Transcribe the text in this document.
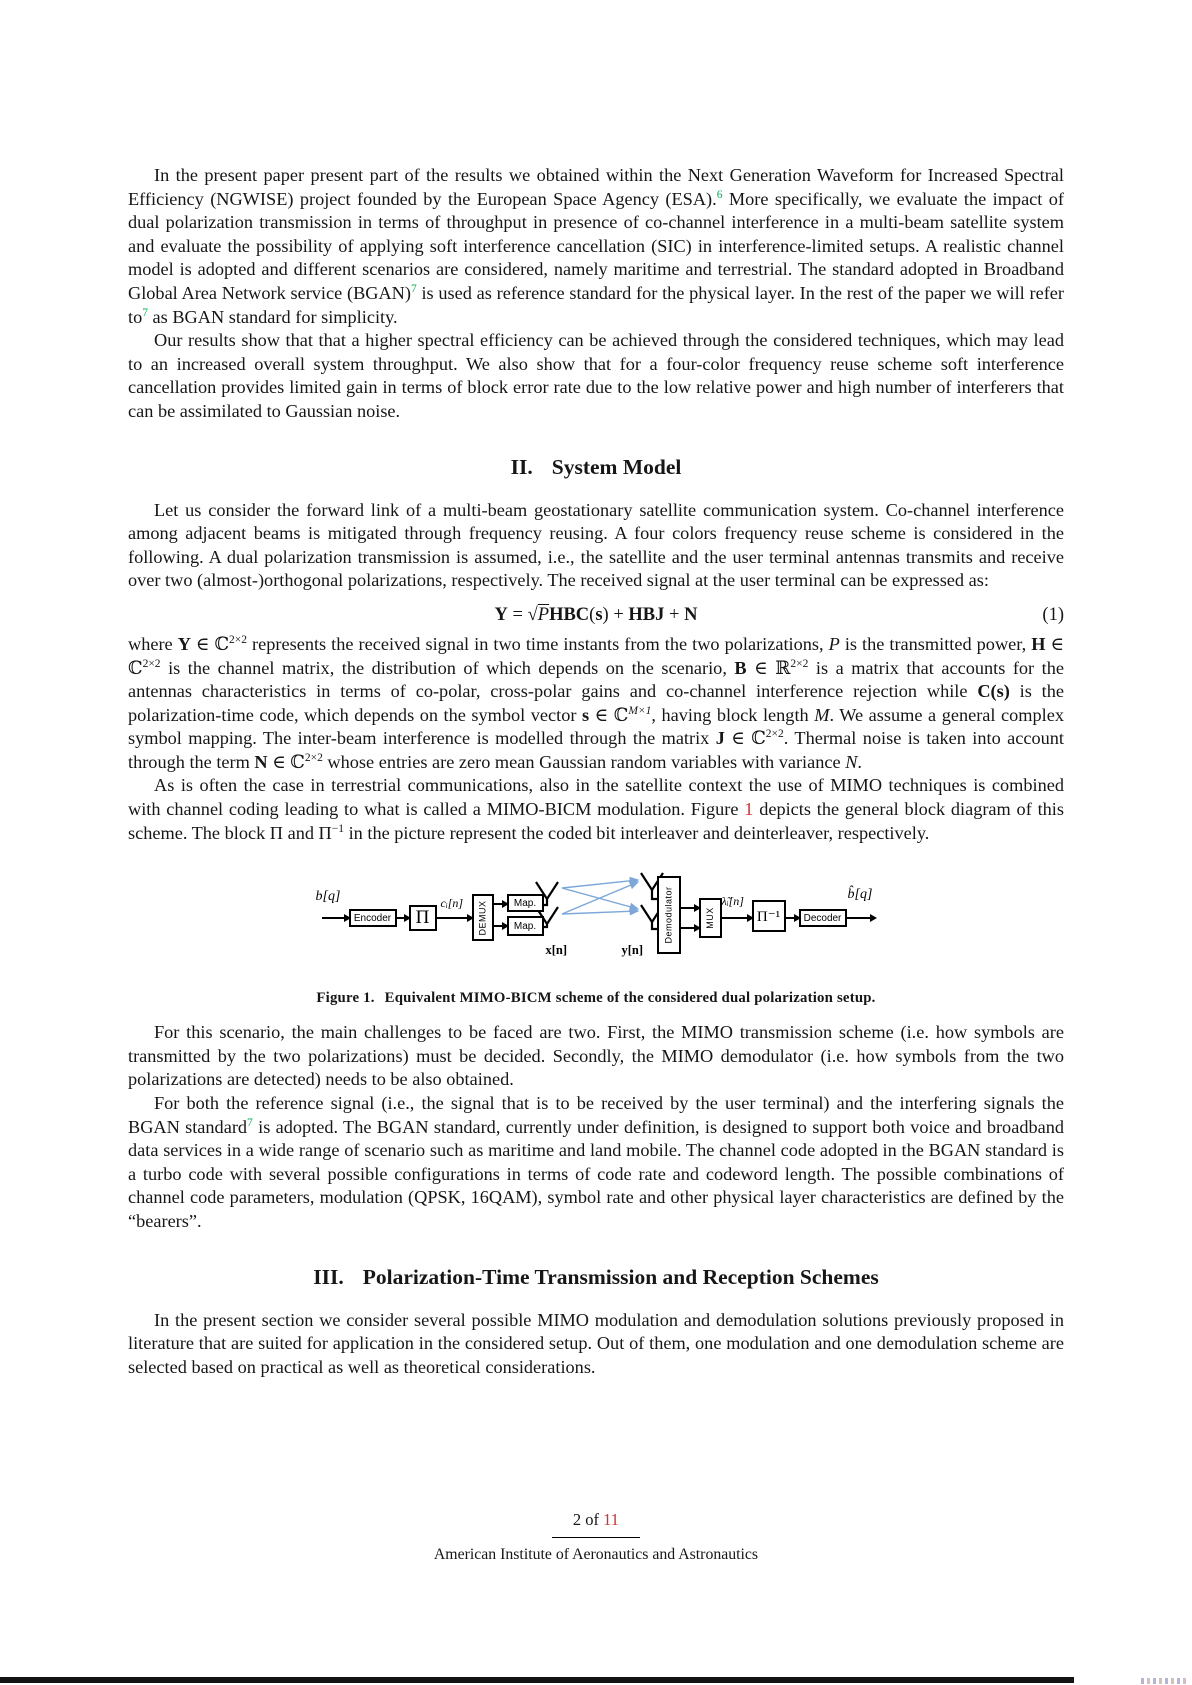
In the present paper present part of the results we obtained within the Next Generation Waveform for Increased Spectral Efficiency (NGWISE) project founded by the European Space Agency (ESA).$^6$ More specifically, we evaluate the impact of dual polarization transmission in terms of throughput in presence of co-channel interference in a multi-beam satellite system and evaluate the possibility of applying soft interference cancellation (SIC) in interference-limited setups. A realistic channel model is adopted and different scenarios are considered, namely maritime and terrestrial. The standard adopted in Broadband Global Area Network service (BGAN)$^7$ is used as reference standard for the physical layer. In the rest of the paper we will refer to$^7$ as BGAN standard for simplicity.

Our results show that that a higher spectral efficiency can be achieved through the considered techniques, which may lead to an increased overall system throughput. We also show that for a four-color frequency reuse scheme soft interference cancellation provides limited gain in terms of block error rate due to the low relative power and high number of interferers that can be assimilated to Gaussian noise.

II. System Model

Let us consider the forward link of a multi-beam geostationary satellite communication system. Co-channel interference among adjacent beams is mitigated through frequency reusing. A four colors frequency reuse scheme is considered in the following. A dual polarization transmission is assumed, i.e., the satellite and the user terminal antennas transmits and receive over two (almost-)orthogonal polarizations, respectively. The received signal at the user terminal can be expressed as:

Y = √PHBC(s) + HBJ + N	(1)

where Y ∈ ℂ$^{2\times 2}$ represents the received signal in two time instants from the two polarizations, P is the transmitted power, H ∈ ℂ$^{2\times 2}$ is the channel matrix, the distribution of which depends on the scenario, B ∈ ℝ$^{2\times 2}$ is a matrix that accounts for the antennas characteristics in terms of co-polar, cross-polar gains and co-channel interference rejection while C(s) is the polarization-time code, which depends on the symbol vector s ∈ ℂ$^{M\times 1}$, having block length M. We assume a general complex symbol mapping. The inter-beam interference is modelled through the matrix J ∈ ℂ$^{2\times 2}$. Thermal noise is taken into account through the term N ∈ ℂ$^{2\times 2}$ whose entries are zero mean Gaussian random variables with variance N.

As is often the case in terrestrial communications, also in the satellite context the use of MIMO techniques is combined with channel coding leading to what is called a MIMO-BICM modulation. Figure 1 depicts the general block diagram of this scheme. The block Π and $\Pi^{-1}$ in the picture represent the coded bit interleaver and deinterleaver, respectively.

b[q]
Encoder Π
cᵢ[n] DEMUX	Map.
Map.
x[n]	y[n]
Demodulator	MUX
λ̃ᵢ[n]
Π⁻¹ Decoder
b̂[q]
Figure 1. Equivalent MIMO-BICM scheme of the considered dual polarization setup.

For this scenario, the main challenges to be faced are two. First, the MIMO transmission scheme (i.e. how symbols are transmitted by the two polarizations) must be decided. Secondly, the MIMO demodulator (i.e. how symbols from the two polarizations are detected) needs to be also obtained.

For both the reference signal (i.e., the signal that is to be received by the user terminal) and the interfering signals the BGAN standard$^7$ is adopted. The BGAN standard, currently under definition, is designed to support both voice and broadband data services in a wide range of scenario such as maritime and land mobile. The channel code adopted in the BGAN standard is a turbo code with several possible configurations in terms of code rate and codeword length. The possible combinations of channel code parameters, modulation (QPSK, 16QAM), symbol rate and other physical layer characteristics are defined by the “bearers”.

III. Polarization-Time Transmission and Reception Schemes

In the present section we consider several possible MIMO modulation and demodulation solutions previously proposed in literature that are suited for application in the considered setup. Out of them, one modulation and one demodulation scheme are selected based on practical as well as theoretical considerations.

2 of 11
American Institute of Aeronautics and Astronautics
